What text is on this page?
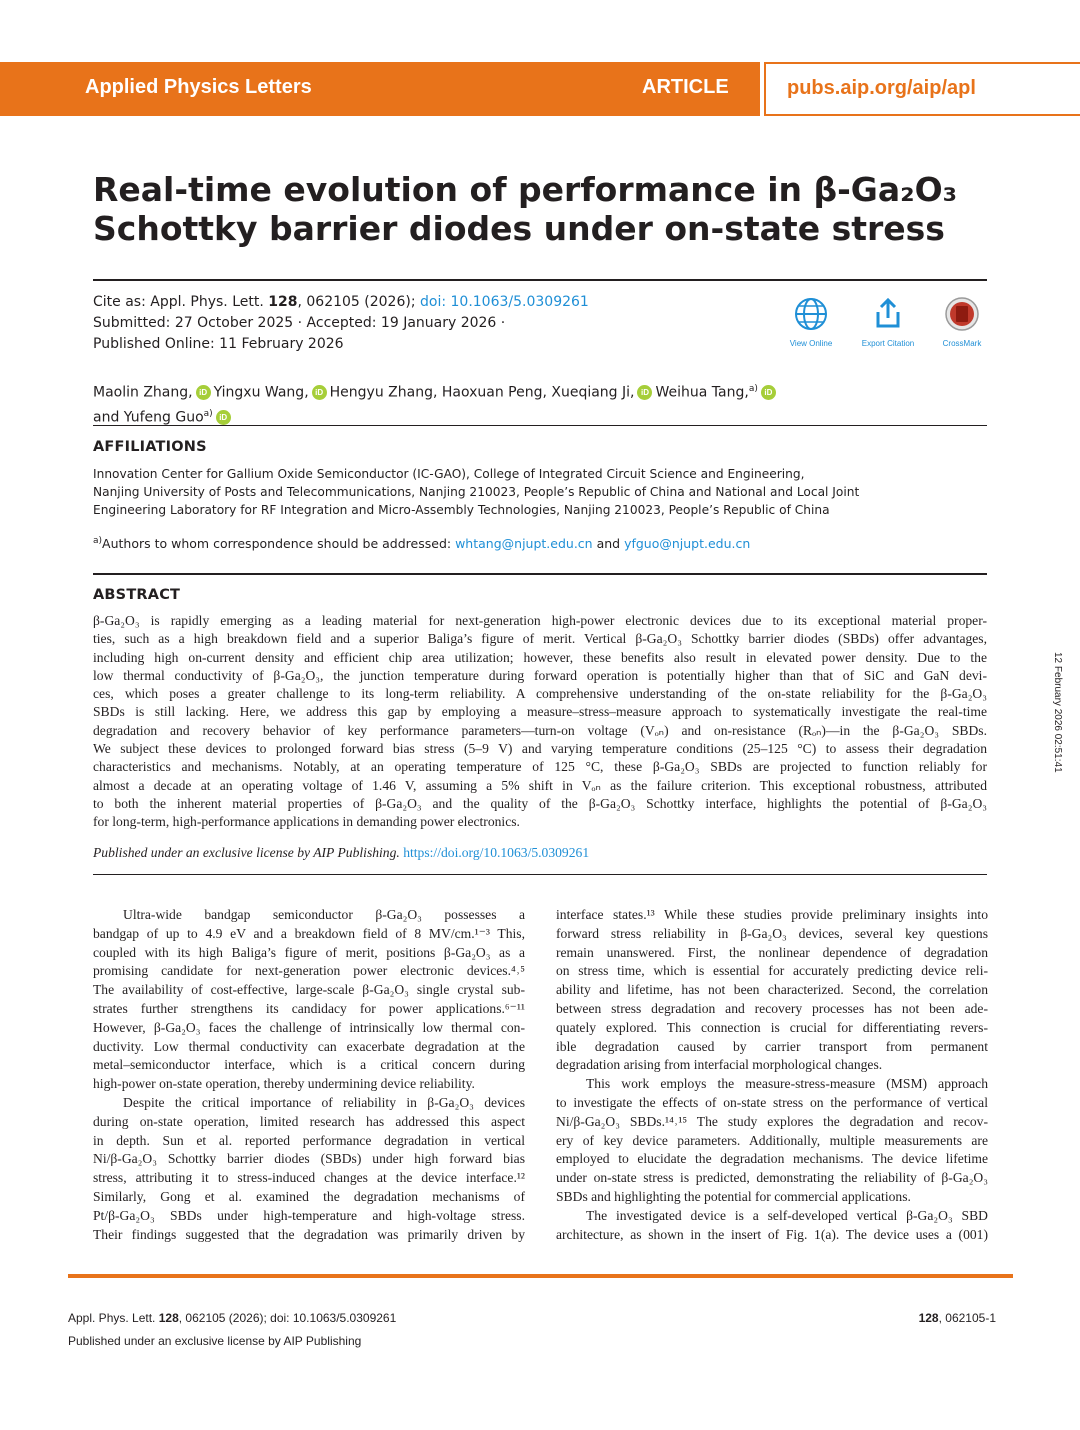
Applied Physics Letters	ARTICLE	pubs.aip.org/aip/apl
Real-time evolution of performance in β-Ga₂O₃
Schottky barrier diodes under on-state stress
Cite as: Appl. Phys. Lett. 128, 062105 (2026); doi: 10.1063/5.0309261
Submitted: 27 October 2025 · Accepted: 19 January 2026 ·
Published Online: 11 February 2026	View Online	Export Citation	CrossMark
Maolin Zhang, iD Yingxu Wang, iD Hengyu Zhang, Haoxuan Peng, Xueqiang Ji, iD Weihua Tang,$^{a)}$ iD
and Yufeng Guo$^{a)}$ iD
AFFILIATIONS
Innovation Center for Gallium Oxide Semiconductor (IC-GAO), College of Integrated Circuit Science and Engineering,
Nanjing University of Posts and Telecommunications, Nanjing 210023, People’s Republic of China and National and Local Joint
Engineering Laboratory for RF Integration and Micro-Assembly Technologies, Nanjing 210023, People’s Republic of China
$^{a)}$Authors to whom correspondence should be addressed: whtang@njupt.edu.cn and yfguo@njupt.edu.cn
ABSTRACT
β-Ga₂O₃ is rapidly emerging as a leading material for next-generation high-power electronic devices due to its exceptional material proper-
ties, such as a high breakdown field and a superior Baliga’s figure of merit. Vertical β-Ga₂O₃ Schottky barrier diodes (SBDs) offer advantages,
including high on-current density and efficient chip area utilization; however, these benefits also result in elevated power density. Due to the
low thermal conductivity of β-Ga₂O₃, the junction temperature during forward operation is potentially higher than that of SiC and GaN devi-
ces, which poses a greater challenge to its long-term reliability. A comprehensive understanding of the on-state reliability for the β-Ga₂O₃
SBDs is still lacking. Here, we address this gap by employing a measure–stress–measure approach to systematically investigate the real-time
degradation and recovery behavior of key performance parameters—turn-on voltage (Vₒₙ) and on-resistance (Rₒₙ)—in the β-Ga₂O₃ SBDs.
We subject these devices to prolonged forward bias stress (5–9 V) and varying temperature conditions (25–125 °C) to assess their degradation
characteristics and mechanisms. Notably, at an operating temperature of 125 °C, these β-Ga₂O₃ SBDs are projected to function reliably for
almost a decade at an operating voltage of 1.46 V, assuming a 5% shift in Vₒₙ as the failure criterion. This exceptional robustness, attributed
to both the inherent material properties of β-Ga₂O₃ and the quality of the β-Ga₂O₃ Schottky interface, highlights the potential of β-Ga₂O₃
for long-term, high-performance applications in demanding power electronics.
Published under an exclusive license by AIP Publishing. https://doi.org/10.1063/5.0309261
Ultra-wide bandgap semiconductor β-Ga₂O₃ possesses a
bandgap of up to 4.9 eV and a breakdown field of 8 MV/cm.¹⁻³ This,
coupled with its high Baliga’s figure of merit, positions β-Ga₂O₃ as a
promising candidate for next-generation power electronic devices.⁴˒⁵
The availability of cost-effective, large-scale β-Ga₂O₃ single crystal sub-
strates further strengthens its candidacy for power applications.⁶⁻¹¹
However, β-Ga₂O₃ faces the challenge of intrinsically low thermal con-
ductivity. Low thermal conductivity can exacerbate degradation at the
metal–semiconductor interface, which is a critical concern during
high-power on-state operation, thereby undermining device reliability.
Despite the critical importance of reliability in β-Ga₂O₃ devices
during on-state operation, limited research has addressed this aspect
in depth. Sun et al. reported performance degradation in vertical
Ni/β-Ga₂O₃ Schottky barrier diodes (SBDs) under high forward bias
stress, attributing it to stress-induced changes at the device interface.¹²
Similarly, Gong et al. examined the degradation mechanisms of
Pt/β-Ga₂O₃ SBDs under high-temperature and high-voltage stress.
Their findings suggested that the degradation was primarily driven by
interface states.¹³ While these studies provide preliminary insights into
forward stress reliability in β-Ga₂O₃ devices, several key questions
remain unanswered. First, the nonlinear dependence of degradation
on stress time, which is essential for accurately predicting device reli-
ability and lifetime, has not been characterized. Second, the correlation
between stress degradation and recovery processes has not been ade-
quately explored. This connection is crucial for differentiating revers-
ible degradation caused by carrier transport from permanent
degradation arising from interfacial morphological changes.
This work employs the measure-stress-measure (MSM) approach
to investigate the effects of on-state stress on the performance of vertical
Ni/β-Ga₂O₃ SBDs.¹⁴˒¹⁵ The study explores the degradation and recov-
ery of key device parameters. Additionally, multiple measurements are
employed to elucidate the degradation mechanisms. The device lifetime
under on-state stress is predicted, demonstrating the reliability of β-Ga₂O₃
SBDs and highlighting the potential for commercial applications.
The investigated device is a self-developed vertical β-Ga₂O₃ SBD
architecture, as shown in the insert of Fig. 1(a). The device uses a (001)
12 February 2026 02:51:41
Appl. Phys. Lett. 128, 062105 (2026); doi: 10.1063/5.0309261
Published under an exclusive license by AIP Publishing
128, 062105-1
